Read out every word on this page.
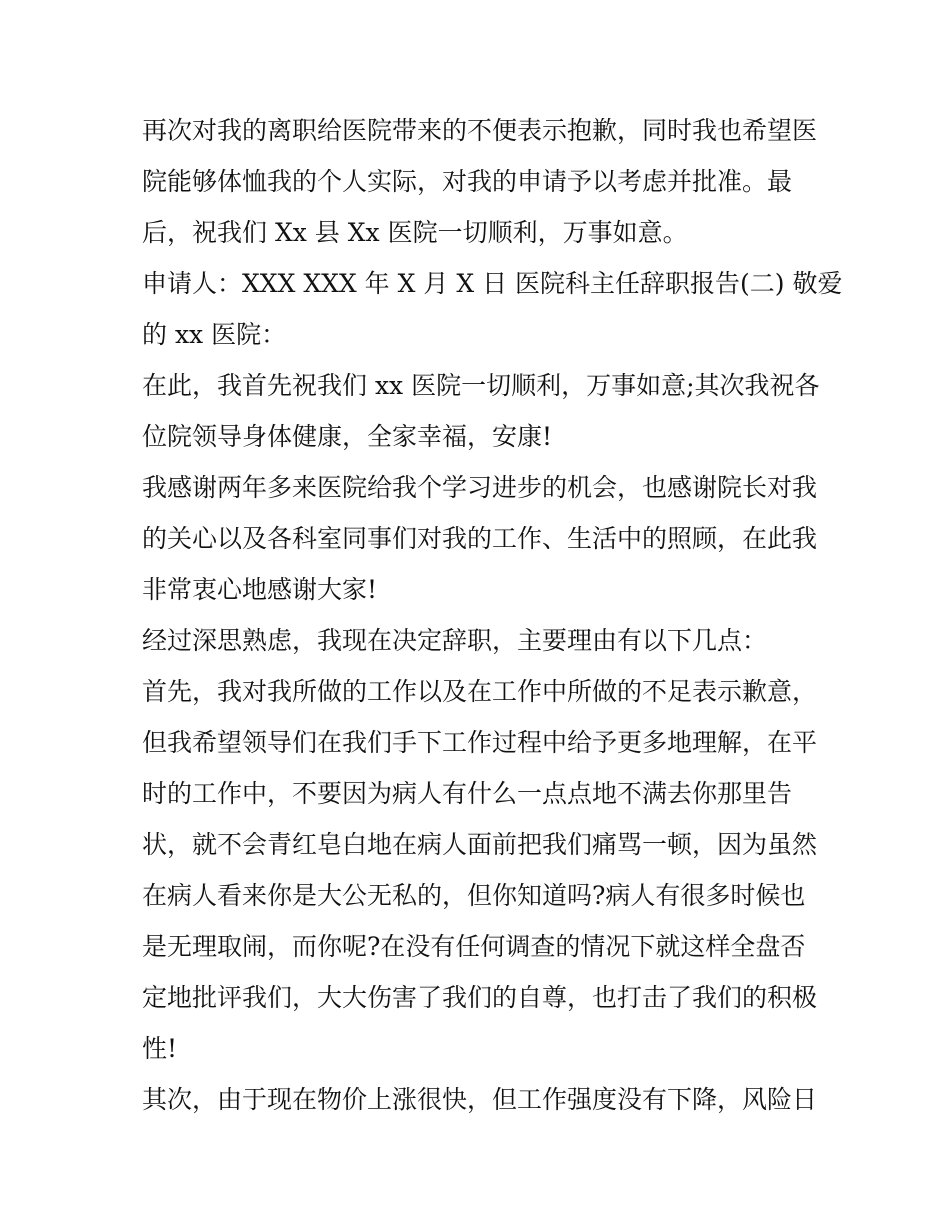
再次对我的离职给医院带来的不便表示抱歉，同时我也希望医
院能够体恤我的个人实际，对我的申请予以考虑并批准。最
后，祝我们 Xx 县 Xx 医院一切顺利，万事如意。
申请人：XXX XXX 年 X 月 X 日 医院科主任辞职报告(二) 敬爱
的 xx 医院：
在此，我首先祝我们 xx 医院一切顺利，万事如意;其次我祝各
位院领导身体健康，全家幸福，安康!
我感谢两年多来医院给我个学习进步的机会，也感谢院长对我
的关心以及各科室同事们对我的工作、生活中的照顾，在此我
非常衷心地感谢大家!
经过深思熟虑，我现在决定辞职，主要理由有以下几点：
首先，我对我所做的工作以及在工作中所做的不足表示歉意，
但我希望领导们在我们手下工作过程中给予更多地理解，在平
时的工作中，不要因为病人有什么一点点地不满去你那里告
状，就不会青红皂白地在病人面前把我们痛骂一顿，因为虽然
在病人看来你是大公无私的，但你知道吗?病人有很多时候也
是无理取闹，而你呢?在没有任何调查的情况下就这样全盘否
定地批评我们，大大伤害了我们的自尊，也打击了我们的积极
性!
其次，由于现在物价上涨很快，但工作强度没有下降，风险日
